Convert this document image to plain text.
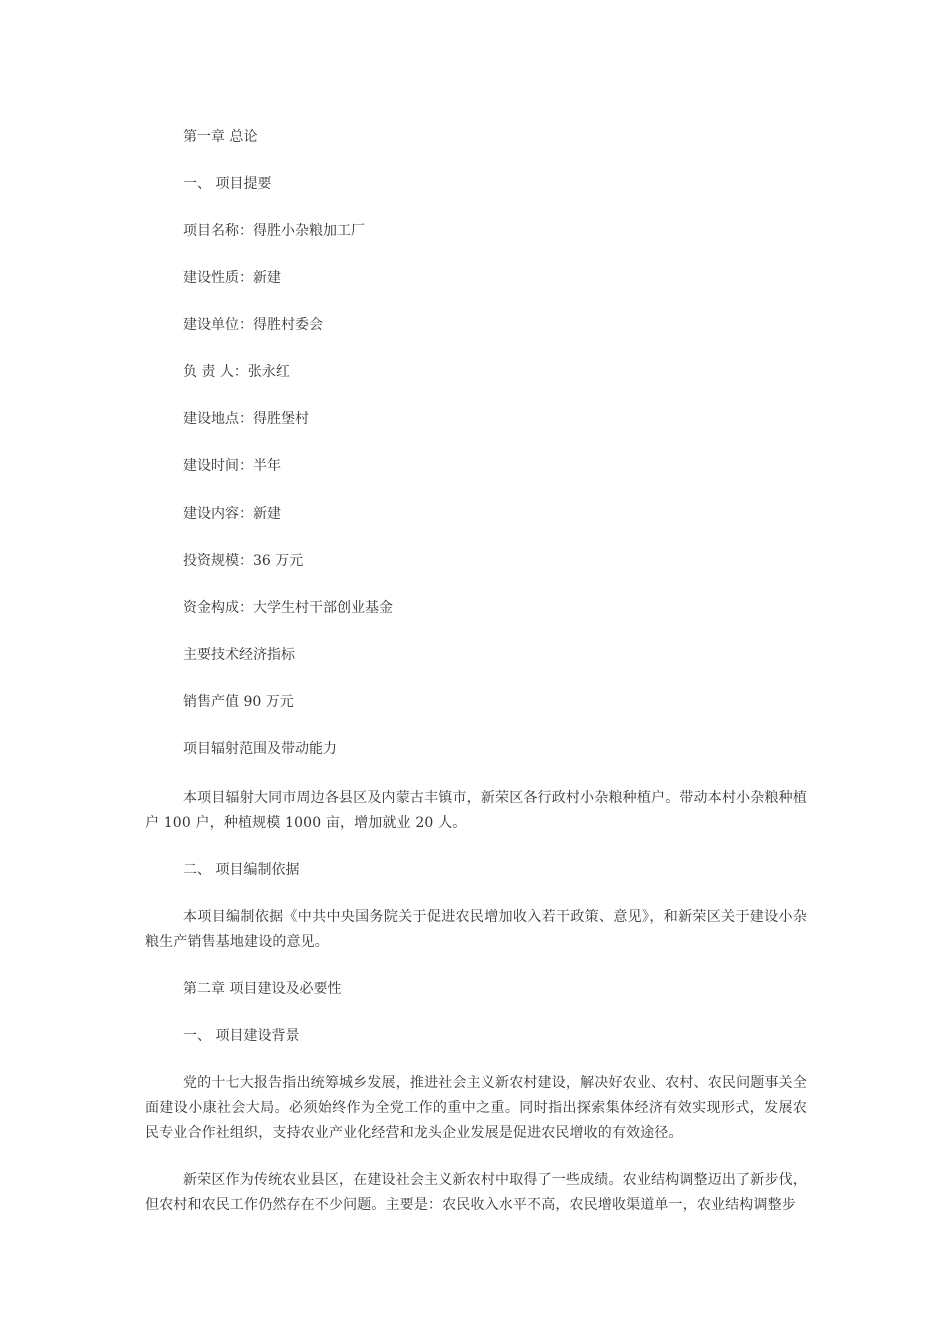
第一章 总论
一、 项目提要
项目名称：得胜小杂粮加工厂
建设性质：新建
建设单位：得胜村委会
负 责 人：张永红
建设地点：得胜堡村
建设时间：半年
建设内容：新建
投资规模：36 万元
资金构成：大学生村干部创业基金
主要技术经济指标
销售产值 90 万元
项目辐射范围及带动能力
本项目辐射大同市周边各县区及内蒙古丰镇市，新荣区各行政村小杂粮种植户。带动本村小杂粮种植户 100 户，种植规模 1000 亩，增加就业 20 人。
二、 项目编制依据
本项目编制依据《中共中央国务院关于促进农民增加收入若干政策、意见》，和新荣区关于建设小杂粮生产销售基地建设的意见。
第二章 项目建设及必要性
一、 项目建设背景
党的十七大报告指出统筹城乡发展，推进社会主义新农村建设，解决好农业、农村、农民问题事关全面建设小康社会大局。必须始终作为全党工作的重中之重。同时指出探索集体经济有效实现形式，发展农民专业合作社组织，支持农业产业化经营和龙头企业发展是促进农民增收的有效途径。
新荣区作为传统农业县区，在建设社会主义新农村中取得了一些成绩。农业结构调整迈出了新步伐，但农村和农民工作仍然存在不少问题。主要是：农民收入水平不高，农民增收渠道单一，农业结构调整步
